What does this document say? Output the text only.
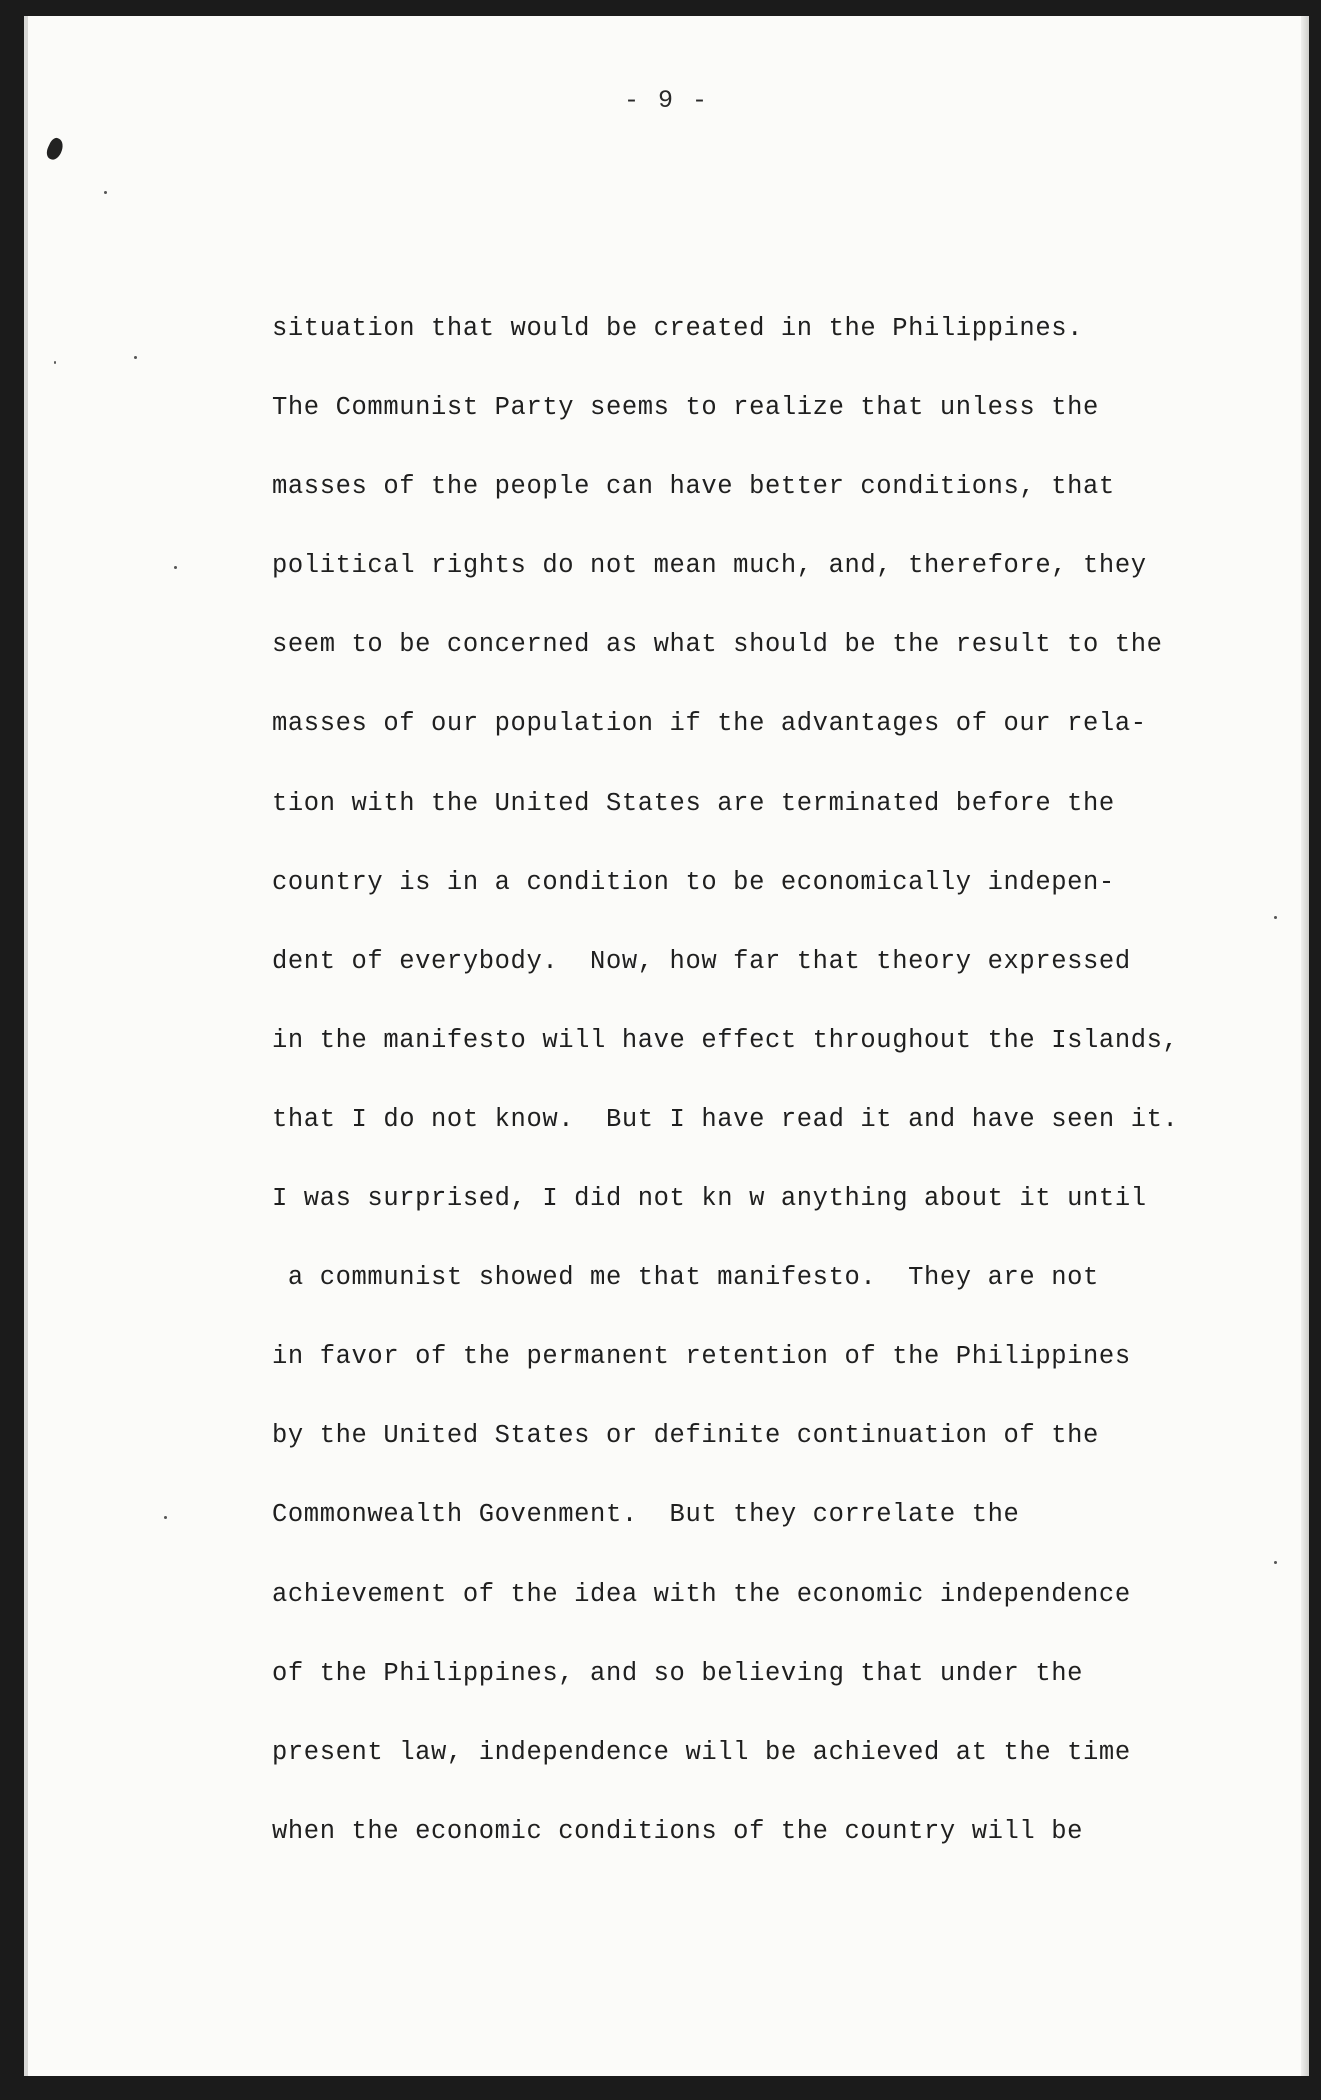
- 9 -
situation that would be created in the Philippines.
The Communist Party seems to realize that unless the
masses of the people can have better conditions, that
political rights do not mean much, and, therefore, they
seem to be concerned as what should be the result to the
masses of our population if the advantages of our rela-
tion with the United States are terminated before the
country is in a condition to be economically indepen-
dent of everybody.  Now, how far that theory expressed
in the manifesto will have effect throughout the Islands,
that I do not know.  But I have read it and have seen it.
I was surprised, I did not kn w anything about it until
a communist showed me that manifesto.  They are not
in favor of the permanent retention of the Philippines
by the United States or definite continuation of the
Commonwealth Govenment.  But they correlate the
achievement of the idea with the economic independence
of the Philippines, and so believing that under the
present law, independence will be achieved at the time
when the economic conditions of the country will be
